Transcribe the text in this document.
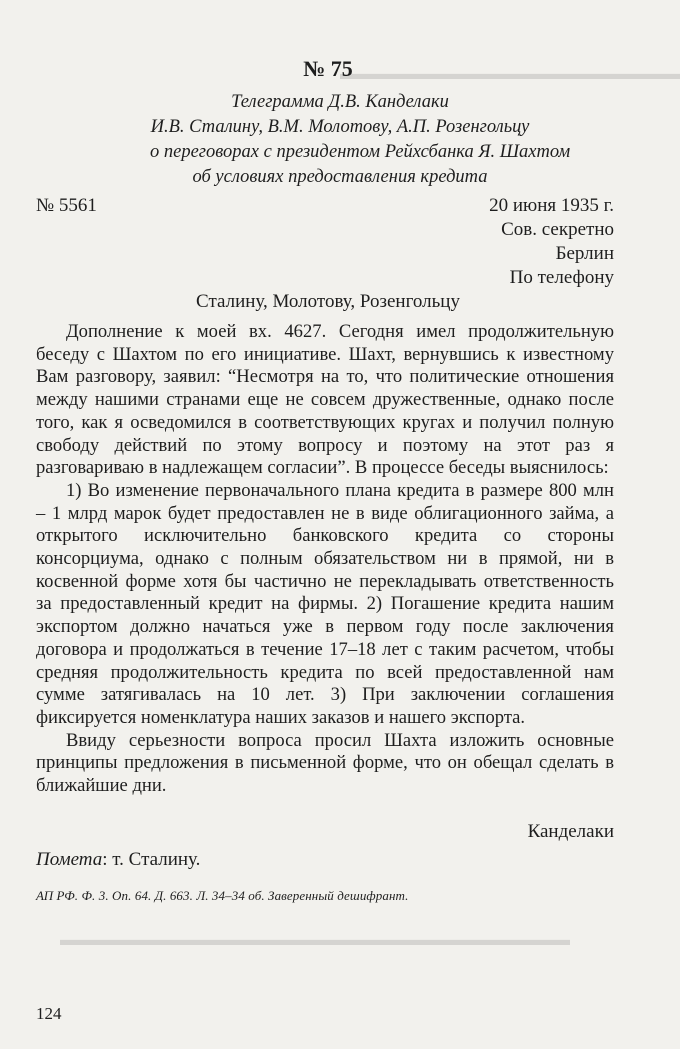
▬▬▬▬▬▬▬▬▬▬▬▬▬▬▬▬▬▬▬▬
▬▬▬▬▬▬▬▬▬▬▬▬▬▬▬▬▬▬▬▬▬▬▬▬▬▬▬▬▬▬
№ 75
Телеграмма Д.В. Канделаки
И.В. Сталину, В.М. Молотову, А.П. Розенгольцу
о переговорах с президентом Рейхсбанка Я. Шахтом
об условиях предоставления кредита
№ 5561	20 июня 1935 г.
Сов. секретно
Берлин
По телефону
Сталину, Молотову, Розенгольцу

Дополнение к моей вх. 4627. Сегодня имел продолжительную беседу с Шахтом по его инициативе. Шахт, вернувшись к известному Вам разговору, заявил: “Несмотря на то, что политические отношения между нашими странами еще не совсем дружественные, однако после того, как я осведомился в соответствующих кругах и получил полную свободу действий по этому вопросу и поэтому на этот раз я разговариваю в надлежащем согласии”. В процессе беседы выяснилось:

1) Во изменение первоначального плана кредита в размере 800 млн – 1 млрд марок будет предоставлен не в виде облигационного займа, а открытого исключительно банковского кредита со стороны консорциума, однако с полным обязательством ни в прямой, ни в косвенной форме хотя бы частично не перекладывать ответственность за предоставленный кредит на фирмы. 2) Погашение кредита нашим экспортом должно начаться уже в первом году после заключения договора и продолжаться в течение 17–18 лет с таким расчетом, чтобы средняя продолжительность кредита по всей предоставленной нам сумме затягивалась на 10 лет. 3) При заключении соглашения фиксируется номенклатура наших заказов и нашего экспорта.

Ввиду серьезности вопроса просил Шахта изложить основные принципы предложения в письменной форме, что он обещал сделать в ближайшие дни.

Канделаки
Помета: т. Сталину.
АП РФ. Ф. 3. Оп. 64. Д. 663. Л. 34–34 об. Заверенный дешифрант.
124
